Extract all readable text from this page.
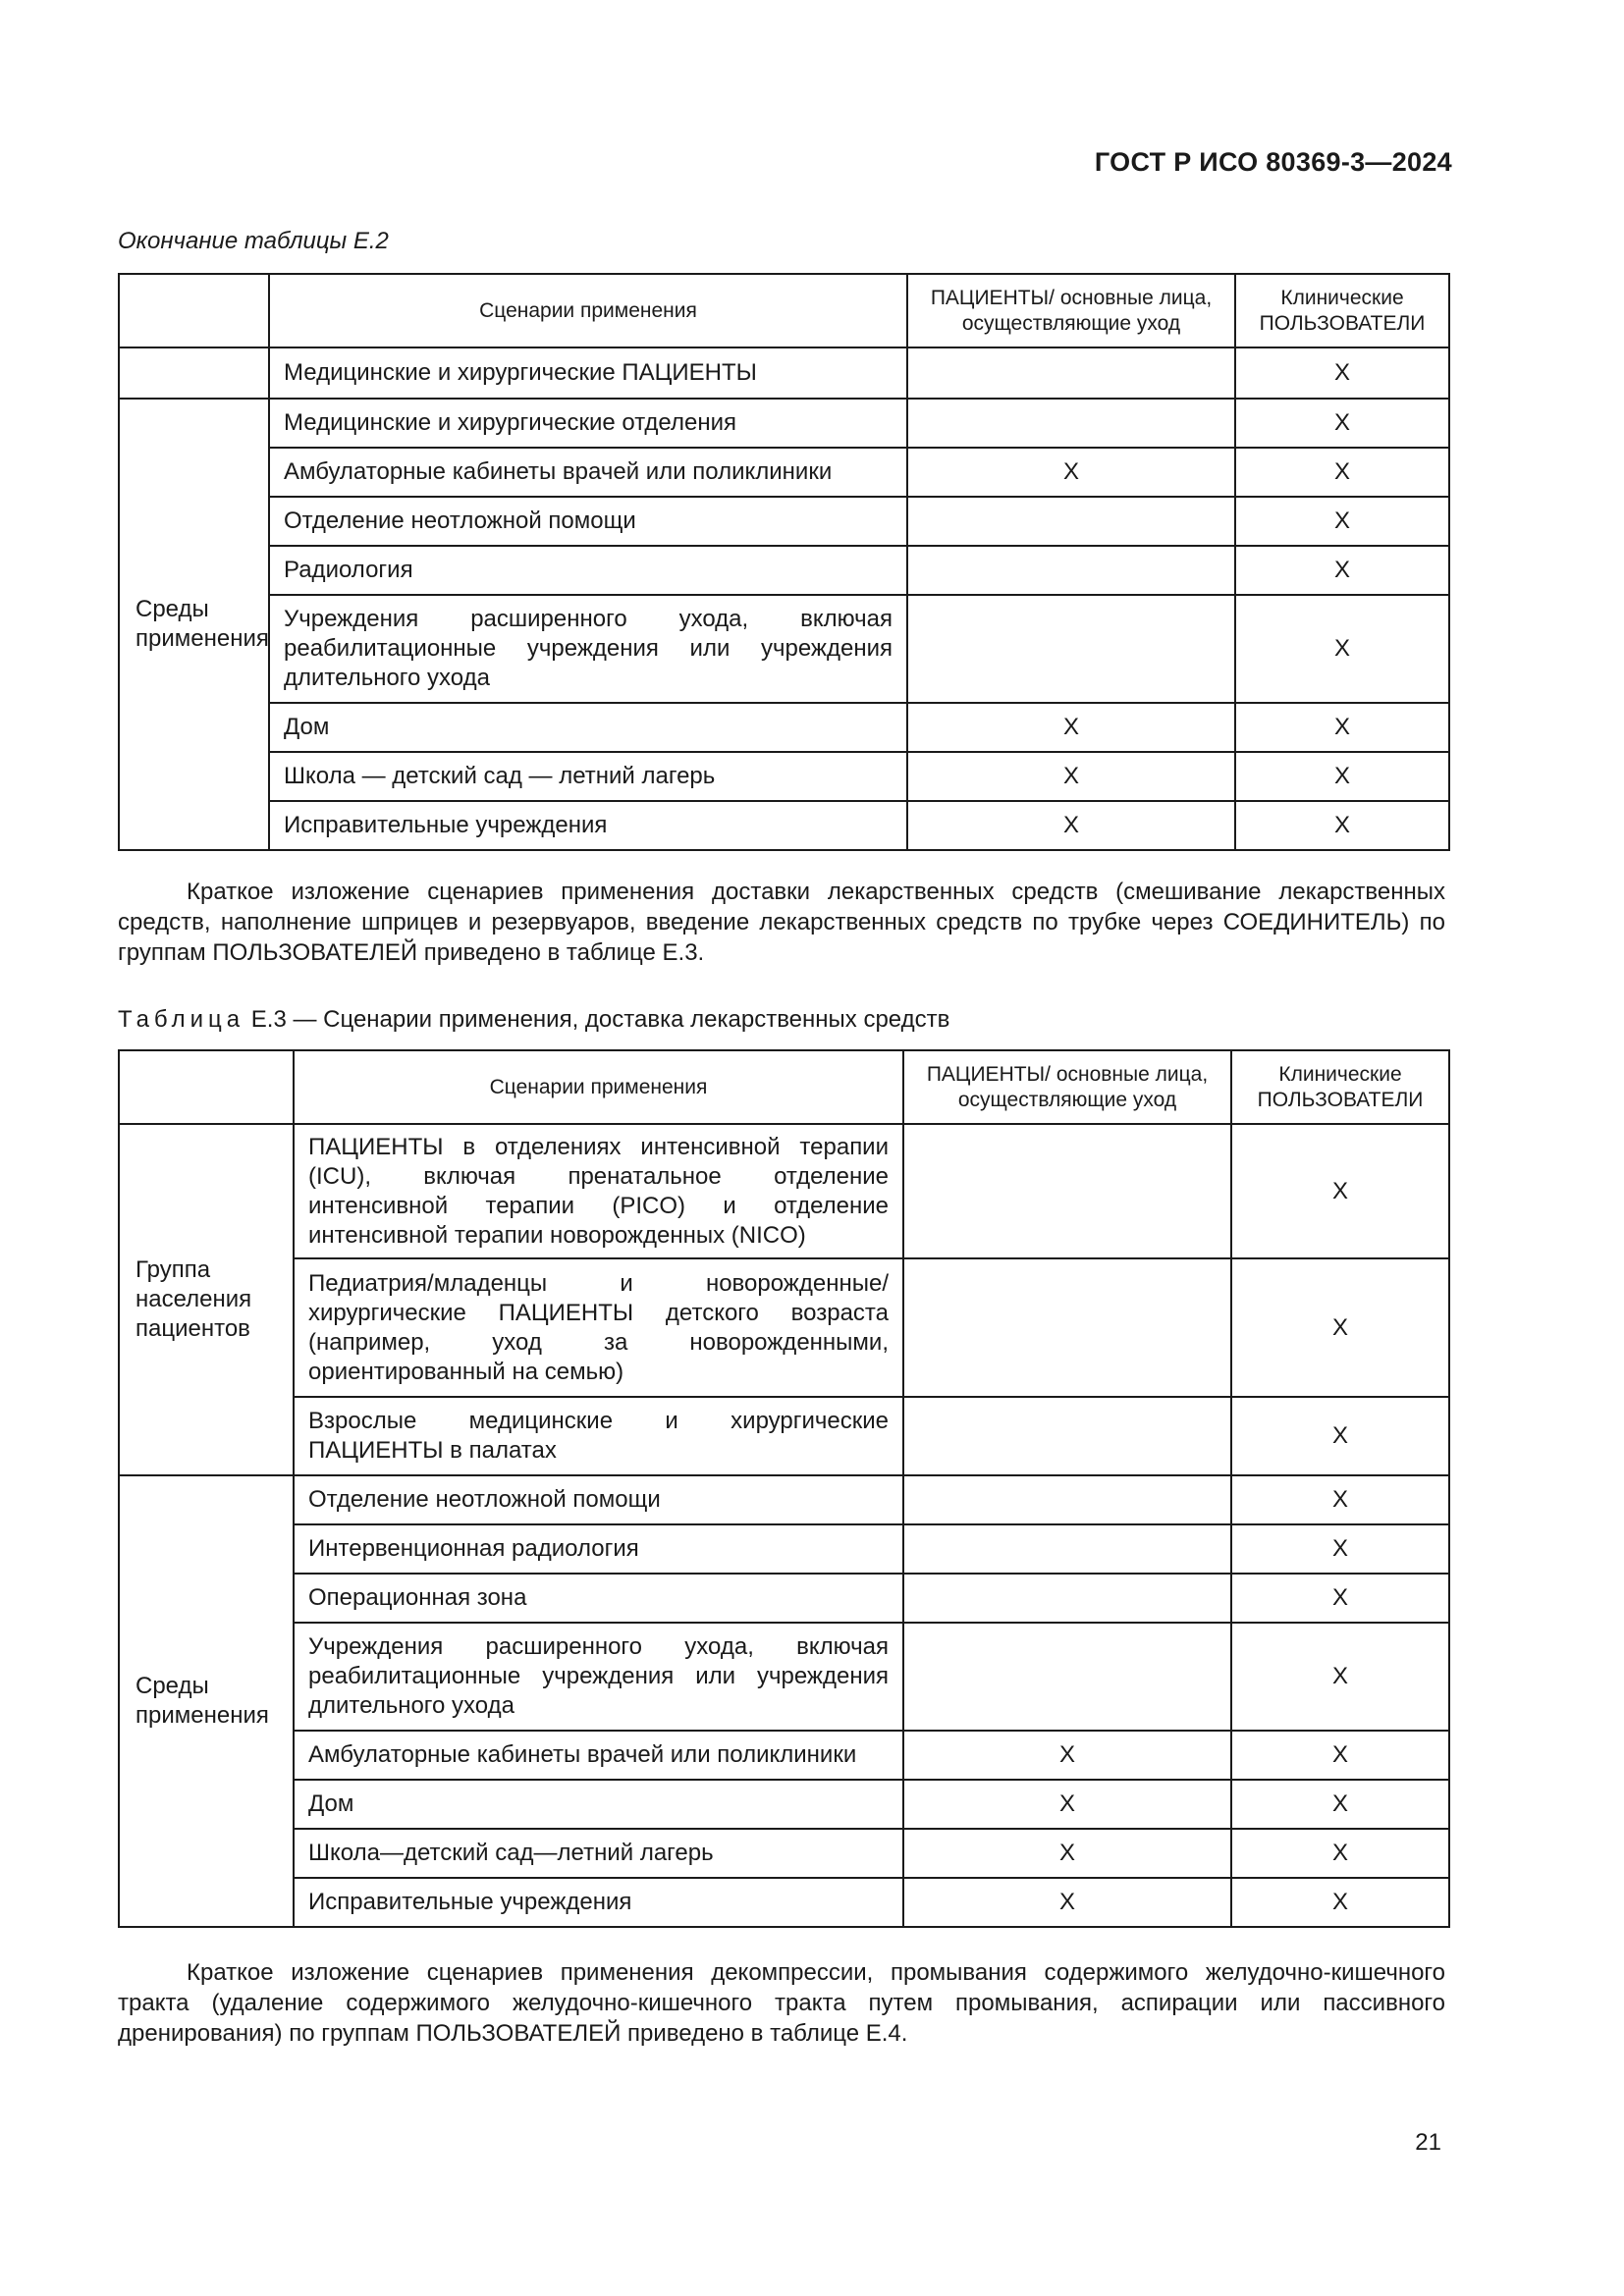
ГОСТ Р ИСО 80369-3—2024
Окончание таблицы Е.2
	Сценарии применения	ПАЦИЕНТЫ/ основные лица, осуществляющие уход	Клинические ПОЛЬЗОВАТЕЛИ
	Медицинские и хирургические ПАЦИЕНТЫ		X
Среды применения	Медицинские и хирургические отделения		X
	Амбулаторные кабинеты врачей или поликлиники	X	X
	Отделение неотложной помощи		X
	Радиология		X
	Учреждения расширенного ухода, включая реабилитационные учреждения или учреждения длительного ухода		X
	Дом	X	X
	Школа — детский сад — летний лагерь	X	X
	Исправительные учреждения	X	X

Краткое изложение сценариев применения доставки лекарственных средств (смешивание лекарственных средств, наполнение шприцев и резервуаров, введение лекарственных средств по трубке через СОЕДИНИТЕЛЬ) по группам ПОЛЬЗОВАТЕЛЕЙ приведено в таблице Е.3.

Таблица Е.3 — Сценарии применения, доставка лекарственных средств
	Сценарии применения	ПАЦИЕНТЫ/ основные лица, осуществляющие уход	Клинические ПОЛЬЗОВАТЕЛИ
Группа населения пациентов	ПАЦИЕНТЫ в отделениях интенсивной терапии (ICU), включая пренатальное отделение интенсивной терапии (PICO) и отделение интенсивной терапии новорожденных (NICO)		X
	Педиатрия/младенцы и новорожденные/ хирургические ПАЦИЕНТЫ детского возраста (например, уход за новорожденными, ориентированный на семью)		X
	Взрослые медицинские и хирургические ПАЦИЕНТЫ в палатах		X
Среды применения	Отделение неотложной помощи		X
	Интервенционная радиология		X
	Операционная зона		X
	Учреждения расширенного ухода, включая реабилитационные учреждения или учреждения длительного ухода		X
	Амбулаторные кабинеты врачей или поликлиники	X	X
	Дом	X	X
	Школа—детский сад—летний лагерь	X	X
	Исправительные учреждения	X	X

Краткое изложение сценариев применения декомпрессии, промывания содержимого желудочно-кишечного тракта (удаление содержимого желудочно-кишечного тракта путем промывания, аспирации или пассивного дренирования) по группам ПОЛЬЗОВАТЕЛЕЙ приведено в таблице Е.4.

21
